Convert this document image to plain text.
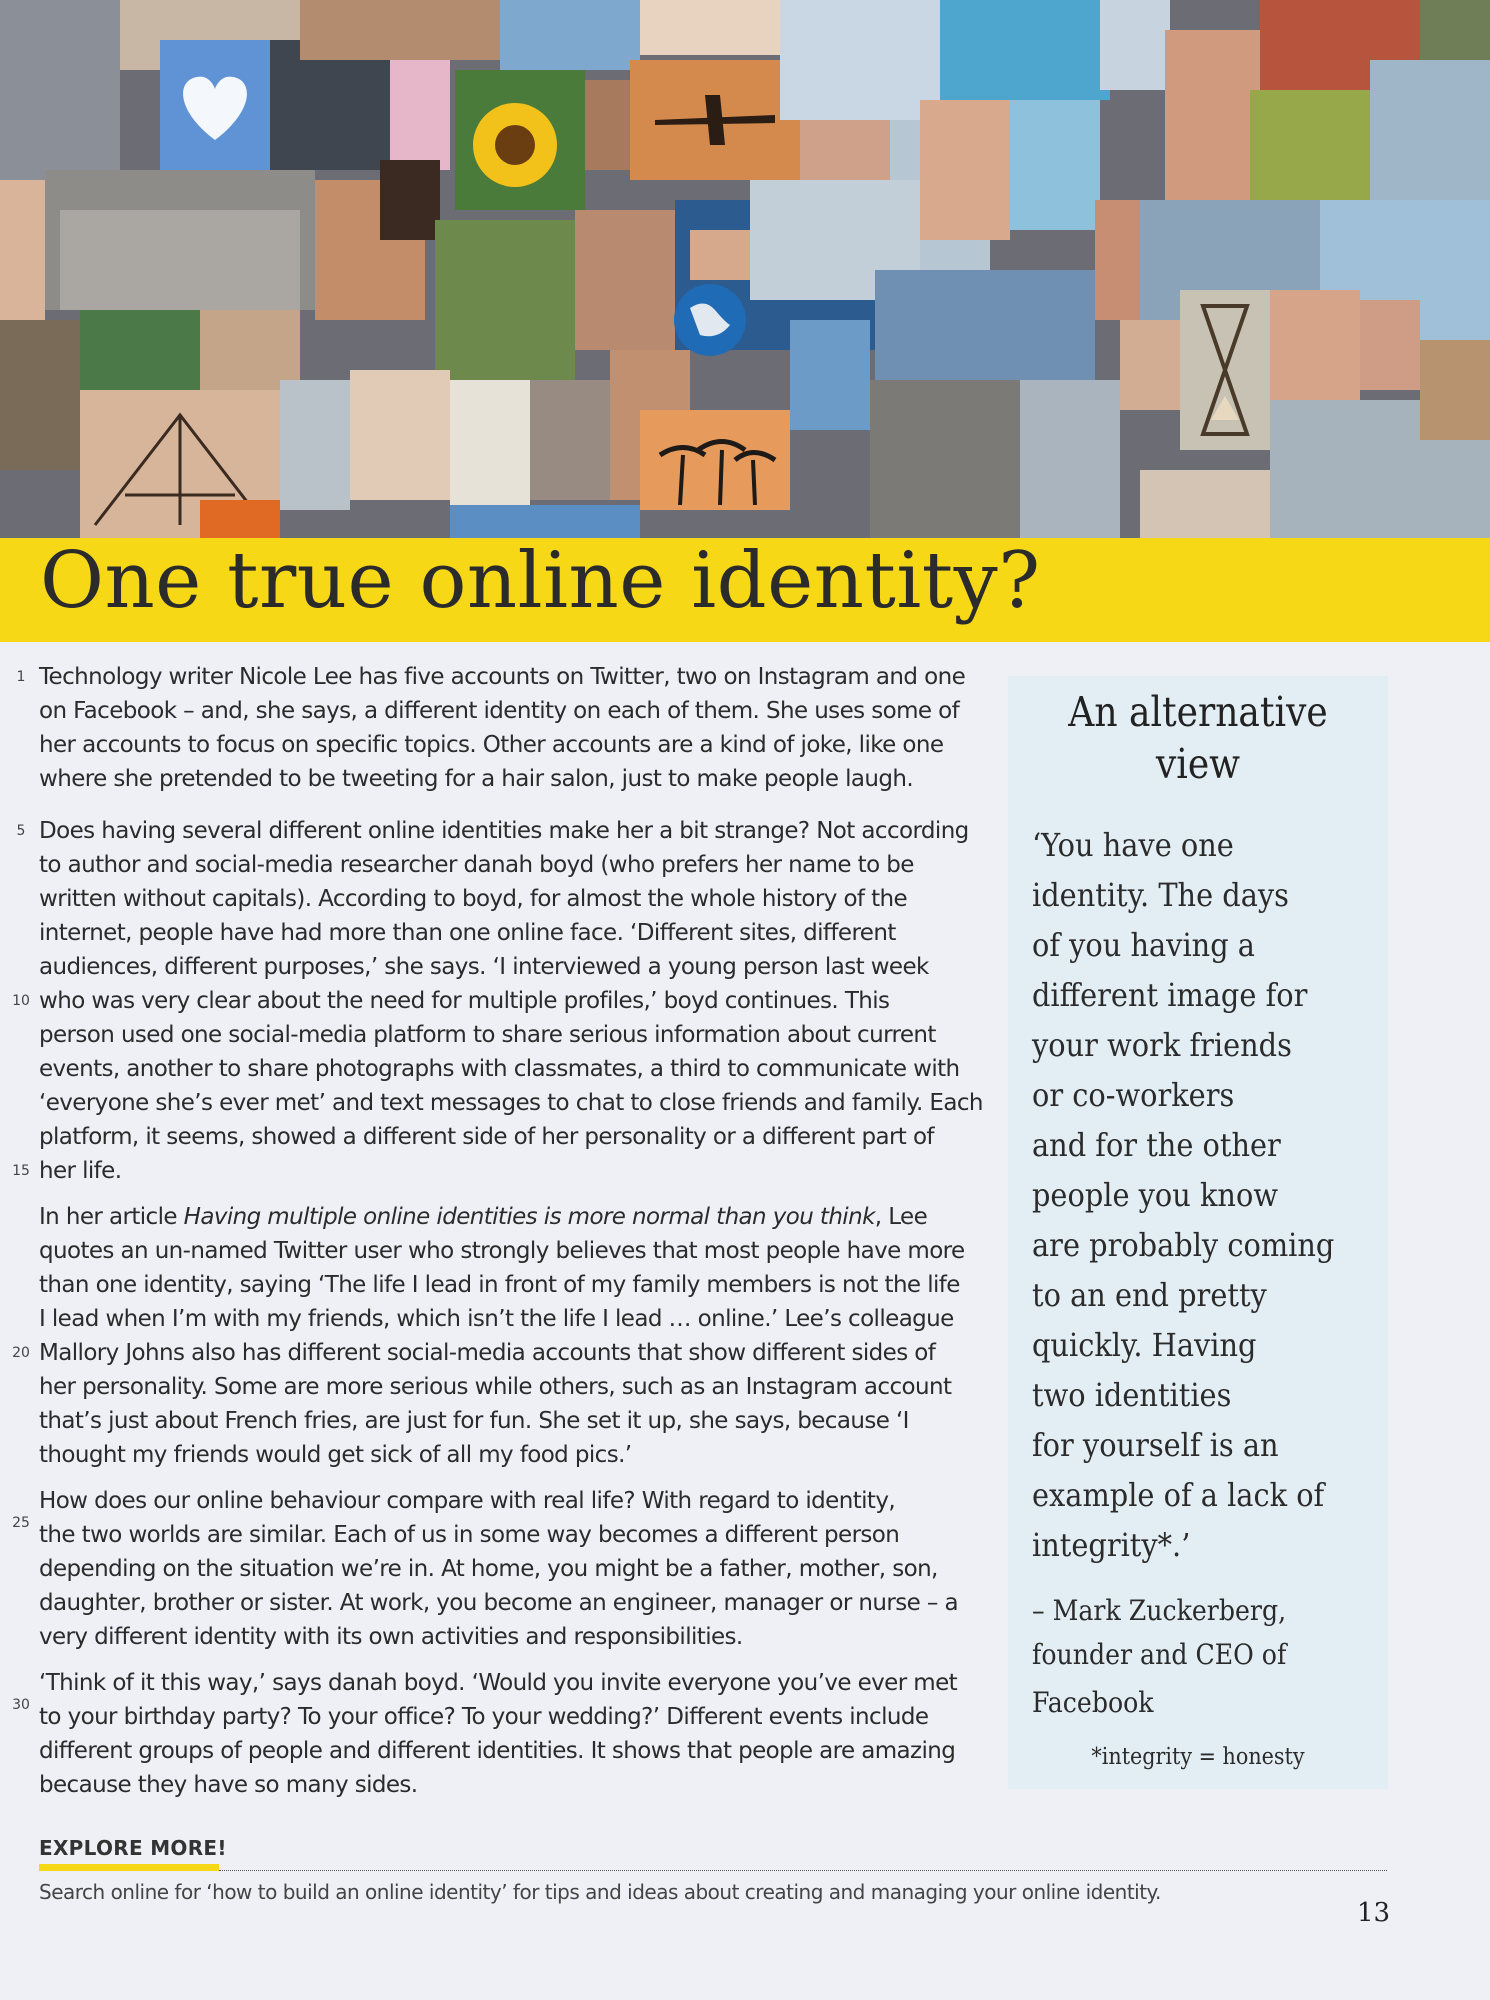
One true online identity?
1
5
10
15
20
25
30
Technology writer Nicole Lee has five accounts on Twitter, two on Instagram and one
on Facebook – and, she says, a different identity on each of them. She uses some of
her accounts to focus on specific topics. Other accounts are a kind of joke, like one
where she pretended to be tweeting for a hair salon, just to make people laugh.
Does having several different online identities make her a bit strange? Not according
to author and social-media researcher danah boyd (who prefers her name to be
written without capitals). According to boyd, for almost the whole history of the
internet, people have had more than one online face. ‘Different sites, different
audiences, different purposes,’ she says. ‘I interviewed a young person last week
who was very clear about the need for multiple profiles,’ boyd continues. This
person used one social-media platform to share serious information about current
events, another to share photographs with classmates, a third to communicate with
‘everyone she’s ever met’ and text messages to chat to close friends and family. Each
platform, it seems, showed a different side of her personality or a different part of
her life.
In her article Having multiple online identities is more normal than you think, Lee
quotes an un-named Twitter user who strongly believes that most people have more
than one identity, saying ‘The life I lead in front of my family members is not the life
I lead when I’m with my friends, which isn’t the life I lead … online.’ Lee’s colleague
Mallory Johns also has different social-media accounts that show different sides of
her personality. Some are more serious while others, such as an Instagram account
that’s just about French fries, are just for fun. She set it up, she says, because ‘I
thought my friends would get sick of all my food pics.’
How does our online behaviour compare with real life? With regard to identity,
the two worlds are similar. Each of us in some way becomes a different person
depending on the situation we’re in. At home, you might be a father, mother, son,
daughter, brother or sister. At work, you become an engineer, manager or nurse – a
very different identity with its own activities and responsibilities.
‘Think of it this way,’ says danah boyd. ‘Would you invite everyone you’ve ever met
to your birthday party? To your office? To your wedding?’ Different events include
different groups of people and different identities. It shows that people are amazing
because they have so many sides.
An alternative
view
‘You have one
identity. The days
of you having a
different image for
your work friends
or co-workers
and for the other
people you know
are probably coming
to an end pretty
quickly. Having
two identities
for yourself is an
example of a lack of
integrity*.’
– Mark Zuckerberg,
founder and CEO of
Facebook
*integrity = honesty
EXPLORE MORE!
Search online for ‘how to build an online identity’ for tips and ideas about creating and managing your online identity.
13
